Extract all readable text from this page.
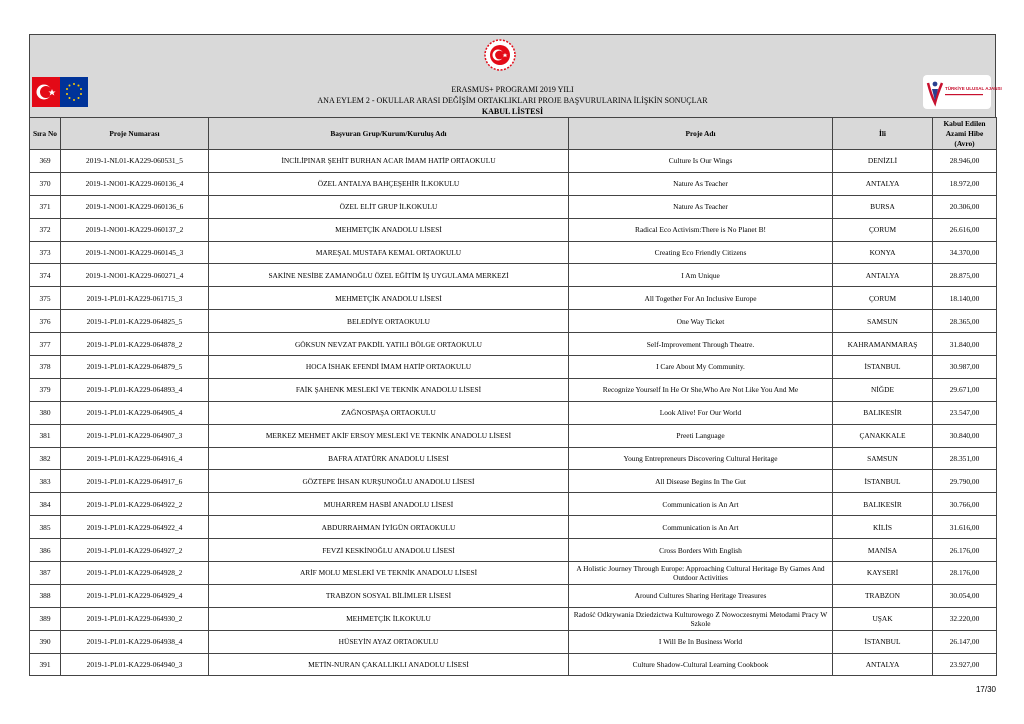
TÜRKİYE ULUSAL AJANSI
ERASMUS+ PROGRAMI 2019 YILI
ANA EYLEM 2 - OKULLAR ARASI DEĞİŞİM ORTAKLIKLARI PROJE BAŞVURULARINA İLİŞKİN SONUÇLAR
KABUL LİSTESİ
Sıra No	Proje Numarası	Başvuran Grup/Kurum/Kuruluş Adı	Proje Adı	İli	Kabul Edilen Azami Hibe (Avro)
369	2019-1-NL01-KA229-060531_5	İNCİLİPINAR ŞEHİT BURHAN ACAR İMAM HATİP ORTAOKULU	Culture Is Our Wings	DENİZLİ	28.946,00
370	2019-1-NO01-KA229-060136_4	ÖZEL ANTALYA BAHÇEŞEHİR İLKOKULU	Nature As Teacher	ANTALYA	18.972,00
371	2019-1-NO01-KA229-060136_6	ÖZEL ELİT GRUP İLKOKULU	Nature As Teacher	BURSA	20.306,00
372	2019-1-NO01-KA229-060137_2	MEHMETÇİK ANADOLU LİSESİ	Radical Eco Activism:There is No Planet B!	ÇORUM	26.616,00
373	2019-1-NO01-KA229-060145_3	MAREŞAL MUSTAFA KEMAL ORTAOKULU	Creating Eco Friendly Citizens	KONYA	34.370,00
374	2019-1-NO01-KA229-060271_4	SAKİNE NESİBE ZAMANOĞLU ÖZEL EĞİTİM İŞ UYGULAMA MERKEZİ	I Am Unique	ANTALYA	28.875,00
375	2019-1-PL01-KA229-061715_3	MEHMETÇİK ANADOLU LİSESİ	All Together For An Inclusive Europe	ÇORUM	18.140,00
376	2019-1-PL01-KA229-064825_5	BELEDİYE ORTAOKULU	One Way Ticket	SAMSUN	28.365,00
377	2019-1-PL01-KA229-064878_2	GÖKSUN NEVZAT PAKDİL YATILI BÖLGE ORTAOKULU	Self-Improvement Through Theatre.	KAHRAMANMARAŞ	31.840,00
378	2019-1-PL01-KA229-064879_5	HOCA İSHAK EFENDİ İMAM HATİP ORTAOKULU	I Care About My Community.	İSTANBUL	30.987,00
379	2019-1-PL01-KA229-064893_4	FAİK ŞAHENK MESLEKİ VE TEKNİK ANADOLU LİSESİ	Recognize Yourself In He Or She,Who Are Not Like You And Me	NİĞDE	29.671,00
380	2019-1-PL01-KA229-064905_4	ZAĞNOSPAŞA ORTAOKULU	Look Alive! For Our World	BALIKESİR	23.547,00
381	2019-1-PL01-KA229-064907_3	MERKEZ MEHMET AKİF ERSOY MESLEKİ VE TEKNİK ANADOLU LİSESİ	Preeti Language	ÇANAKKALE	30.840,00
382	2019-1-PL01-KA229-064916_4	BAFRA ATATÜRK ANADOLU LİSESİ	Young Entrepreneurs Discovering Cultural Heritage	SAMSUN	28.351,00
383	2019-1-PL01-KA229-064917_6	GÖZTEPE İHSAN KURŞUNOĞLU ANADOLU LİSESİ	All Disease Begins In The Gut	İSTANBUL	29.790,00
384	2019-1-PL01-KA229-064922_2	MUHARREM HASBİ ANADOLU LİSESİ	Communication is An Art	BALIKESİR	30.766,00
385	2019-1-PL01-KA229-064922_4	ABDURRAHMAN İYİGÜN ORTAOKULU	Communication is An Art	KİLİS	31.616,00
386	2019-1-PL01-KA229-064927_2	FEVZİ KESKİNOĞLU ANADOLU LİSESİ	Cross Borders With English	MANİSA	26.176,00
387	2019-1-PL01-KA229-064928_2	ARİF MOLU MESLEKİ VE TEKNİK ANADOLU LİSESİ	A Holistic Journey Through Europe: Approaching Cultural Heritage By Games And Outdoor Activities	KAYSERİ	28.176,00
388	2019-1-PL01-KA229-064929_4	TRABZON SOSYAL BİLİMLER LİSESİ	Around Cultures Sharing Heritage Treasures	TRABZON	30.054,00
389	2019-1-PL01-KA229-064930_2	MEHMETÇİK İLKOKULU	Radość Odkrywania Dziedzictwa Kulturowego Z Nowoczesnymi Metodami Pracy W Szkole	UŞAK	32.220,00
390	2019-1-PL01-KA229-064938_4	HÜSEYİN AYAZ ORTAOKULU	I Will Be In Business World	İSTANBUL	26.147,00
391	2019-1-PL01-KA229-064940_3	METİN-NURAN ÇAKALLIKLI ANADOLU LİSESİ	Culture Shadow-Cultural Learning Cookbook	ANTALYA	23.927,00
17/30
